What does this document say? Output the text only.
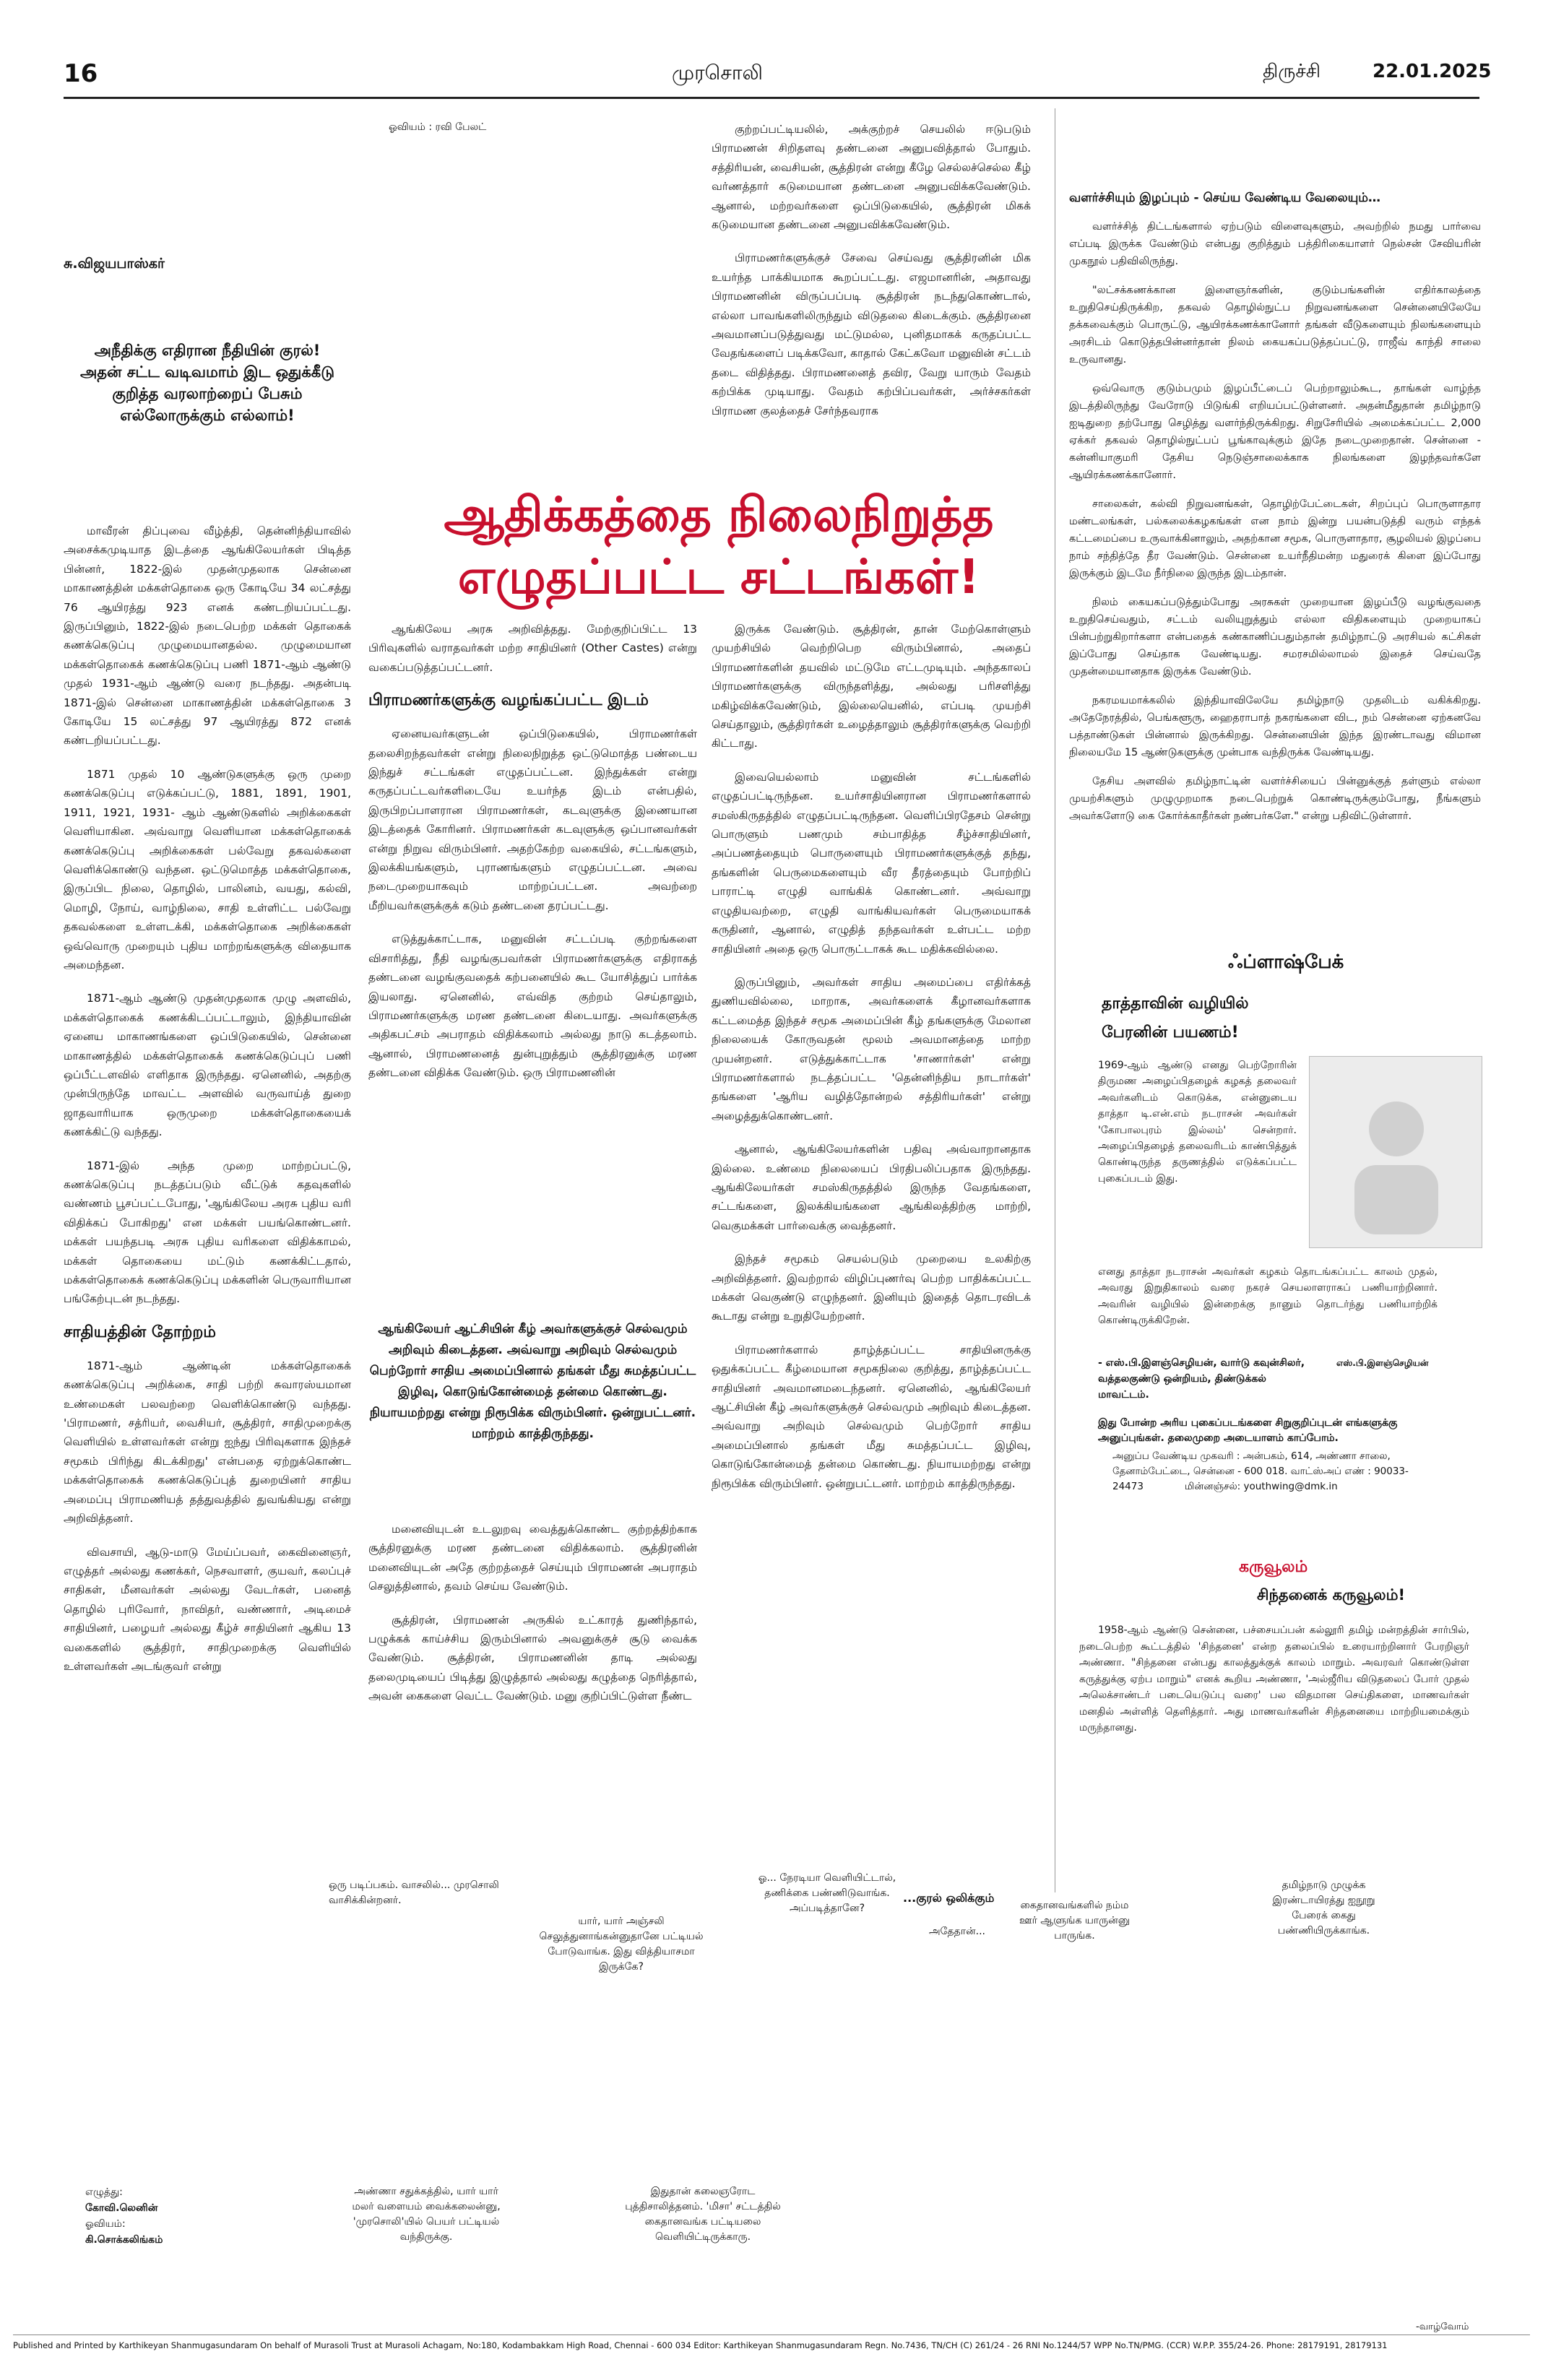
16	முரசொலி	திருச்சி	22.01.2025
ஓவியம் : ரவி பேலட்
சு.விஜயபாஸ்கர்
அநீதிக்கு எதிரான நீதியின் குரல்!
அதன் சட்ட வடிவமாம் இட ஒதுக்கீடு
குறித்த வரலாற்றைப் பேசும்
எல்லோருக்கும் எல்லாம்!
ஆதிக்கத்தை நிலைநிறுத்த
எழுதப்பட்ட சட்டங்கள்!

மாவீரன் திப்புவை வீழ்த்தி, தென்னிந்தியாவில் அசைக்கமுடியாத இடத்தை ஆங்கிலேயர்கள் பிடித்த பின்னர், 1822-இல் முதன்முதலாக சென்னை மாகாணத்தின் மக்கள்தொகை ஒரு கோடியே 34 லட்சத்து 76 ஆயிரத்து 923 எனக் கண்டறியப்பட்டது. இருப்பினும், 1822-இல் நடைபெற்ற மக்கள் தொகைக் கணக்கெடுப்பு முழுமையானதல்ல. முழுமையான மக்கள்தொகைக் கணக்கெடுப்பு பணி 1871-ஆம் ஆண்டு முதல் 1931-ஆம் ஆண்டு வரை நடந்தது. அதன்படி 1871-இல் சென்னை மாகாணத்தின் மக்கள்தொகை 3 கோடியே 15 லட்சத்து 97 ஆயிரத்து 872 எனக் கண்டறியப்பட்டது.

1871 முதல் 10 ஆண்டுகளுக்கு ஒரு முறை கணக்கெடுப்பு எடுக்கப்பட்டு, 1881, 1891, 1901, 1911, 1921, 1931- ஆம் ஆண்டுகளில் அறிக்கைகள் வெளியாகின. அவ்வாறு வெளியான மக்கள்தொகைக் கணக்கெடுப்பு அறிக்கைகள் பல்வேறு தகவல்களை வெளிக்கொண்டு வந்தன. ஒட்டுமொத்த மக்கள்தொகை, இருப்பிட நிலை, தொழில், பாலினம், வயது, கல்வி, மொழி, நோய், வாழ்நிலை, சாதி உள்ளிட்ட பல்வேறு தகவல்களை உள்ளடக்கி, மக்கள்தொகை அறிக்கைகள் ஒவ்வொரு முறையும் புதிய மாற்றங்களுக்கு விதையாக அமைந்தன.

1871-ஆம் ஆண்டு முதன்முதலாக முழு அளவில், மக்கள்தொகைக் கணக்கிடப்பட்டாலும், இந்தியாவின் ஏனைய மாகாணங்களை ஒப்பிடுகையில், சென்னை மாகாணத்தில் மக்கள்தொகைக் கணக்கெடுப்புப் பணி ஒப்பீட்டளவில் எளிதாக இருந்தது. ஏனெனில், அதற்கு முன்பிருந்தே மாவட்ட அளவில் வருவாய்த் துறை ஜாதவாரியாக ஒருமுறை மக்கள்தொகையைக் கணக்கிட்டு வந்தது.

1871-இல் அந்த முறை மாற்றப்பட்டு, கணக்கெடுப்பு நடத்தப்படும் வீட்டுக் கதவுகளில் வண்ணம் பூசப்பட்டபோது, 'ஆங்கிலேய அரசு புதிய வரி விதிக்கப் போகிறது' என மக்கள் பயங்கொண்டனர். மக்கள் பயந்தபடி அரசு புதிய வரிகளை விதிக்காமல், மக்கள் தொகையை மட்டும் கணக்கிட்டதால், மக்கள்தொகைக் கணக்கெடுப்பு மக்களின் பெருவாரியான பங்கேற்புடன் நடந்தது.

சாதியத்தின் தோற்றம்

1871-ஆம் ஆண்டின் மக்கள்தொகைக் கணக்கெடுப்பு அறிக்கை, சாதி பற்றி சுவாரஸ்யமான உண்மைகள் பலவற்றை வெளிக்கொண்டு வந்தது. 'பிராமணர், சத்ரியர், வைசியர், சூத்திரர், சாதிமுறைக்கு வெளியில் உள்ளவர்கள் என்று ஐந்து பிரிவுகளாக இந்தச் சமூகம் பிரிந்து கிடக்கிறது' என்பதை ஏற்றுக்கொண்ட மக்கள்தொகைக் கணக்கெடுப்புத் துறையினர் சாதிய அமைப்பு பிராமணியத் தத்துவத்தில் துவங்கியது என்று அறிவித்தனர்.

விவசாயி, ஆடு-மாடு மேய்ப்பவர், கைவினைஞர், எழுத்தர் அல்லது கணக்கர், நெசவாளர், குயவர், கலப்புச் சாதிகள், மீனவர்கள் அல்லது வேடர்கள், பனைத் தொழில் புரிவோர், நாவிதர், வண்ணார், அடிமைச் சாதியினர், பழையர் அல்லது கீழ்ச் சாதியினர் ஆகிய 13 வகைகளில் சூத்திரர், சாதிமுறைக்கு வெளியில் உள்ளவர்கள் அடங்குவர் என்று

ஆங்கிலேய அரசு அறிவித்தது. மேற்குறிப்பிட்ட 13 பிரிவுகளில் வராதவர்கள் மற்ற சாதியினர் (Other Castes) என்று வகைப்படுத்தப்பட்டனர்.

பிராமணர்களுக்கு வழங்கப்பட்ட இடம்

ஏனையவர்களுடன் ஒப்பிடுகையில், பிராமணர்கள் தலைசிறந்தவர்கள் என்று நிலைநிறுத்த ஒட்டுமொத்த பண்டைய இந்துச் சட்டங்கள் எழுதப்பட்டன. இந்துக்கள் என்று கருதப்பட்டவர்களிடையே உயர்ந்த இடம் என்பதில், இருபிறப்பாளரான பிராமணர்கள், கடவுளுக்கு இணையான இடத்தைக் கோரினர். பிராமணர்கள் கடவுளுக்கு ஒப்பானவர்கள் என்று நிறுவ விரும்பினர். அதற்கேற்ற வகையில், சட்டங்களும், இலக்கியங்களும், புராணங்களும் எழுதப்பட்டன. அவை நடைமுறையாகவும் மாற்றப்பட்டன. அவற்றை மீறியவர்களுக்குக் கடும் தண்டனை தரப்பட்டது.

எடுத்துக்காட்டாக, மனுவின் சட்டப்படி குற்றங்களை விசாரித்து, நீதி வழங்குபவர்கள் பிராமணர்களுக்கு எதிராகத் தண்டனை வழங்குவதைக் கற்பனையில் கூட யோசித்துப் பார்க்க இயலாது. ஏனெனில், எவ்வித குற்றம் செய்தாலும், பிராமணர்களுக்கு மரண தண்டனை கிடையாது. அவர்களுக்கு அதிகபட்சம் அபராதம் விதிக்கலாம் அல்லது நாடு கடத்தலாம். ஆனால், பிராமணனைத் துன்புறுத்தும் சூத்திரனுக்கு மரண தண்டனை விதிக்க வேண்டும். ஒரு பிராமணனின்

ஆங்கிலேயர் ஆட்சியின் கீழ் அவர்களுக்குச் செல்வமும் அறிவும் கிடைத்தன. அவ்வாறு அறிவும் செல்வமும் பெற்றோர் சாதிய அமைப்பினால் தங்கள் மீது சுமத்தப்பட்ட இழிவு, கொடுங்கோன்மைத் தன்மை கொண்டது. நியாயமற்றது என்று நிரூபிக்க விரும்பினர். ஒன்றுபட்டனர். மாற்றம் காத்திருந்தது.

மனைவியுடன் உடலுறவு வைத்துக்கொண்ட குற்றத்திற்காக சூத்திரனுக்கு மரண தண்டனை விதிக்கலாம். சூத்திரனின் மனைவியுடன் அதே குற்றத்தைச் செய்யும் பிராமணன் அபராதம் செலுத்தினால், தவம் செய்ய வேண்டும்.

சூத்திரன், பிராமணன் அருகில் உட்காரத் துணிந்தால், பழுக்கக் காய்ச்சிய இரும்பினால் அவனுக்குச் சூடு வைக்க வேண்டும். சூத்திரன், பிராமணனின் தாடி அல்லது தலைமுடியைப் பிடித்து இழுத்தால் அல்லது கழுத்தை நெரித்தால், அவன் கைகளை வெட்ட வேண்டும். மனு குறிப்பிட்டுள்ள நீண்ட

குற்றப்பட்டியலில், அக்குற்றச் செயலில் ஈடுபடும் பிராமணன் சிறிதளவு தண்டனை அனுபவித்தால் போதும். சத்திரியன், வைசியன், சூத்திரன் என்று கீழே செல்லச்செல்ல கீழ் வர்ணத்தார் கடுமையான தண்டனை அனுபவிக்கவேண்டும். ஆனால், மற்றவர்களை ஒப்பிடுகையில், சூத்திரன் மிகக் கடுமையான தண்டனை அனுபவிக்கவேண்டும்.

பிராமணர்களுக்குச் சேவை செய்வது சூத்திரனின் மிக உயர்ந்த பாக்கியமாக கூறப்பட்டது. எஜமானரின், அதாவது பிராமணனின் விருப்பப்படி சூத்திரன் நடந்துகொண்டால், எல்லா பாவங்களிலிருந்தும் விடுதலை கிடைக்கும். சூத்திரனை அவமானப்படுத்துவது மட்டுமல்ல, புனிதமாகக் கருதப்பட்ட வேதங்களைப் படிக்கவோ, காதால் கேட்கவோ மனுவின் சட்டம் தடை விதித்தது. பிராமணனைத் தவிர, வேறு யாரும் வேதம் கற்பிக்க முடியாது. வேதம் கற்பிப்பவர்கள், அர்ச்சகர்கள் பிராமண குலத்தைச் சேர்ந்தவராக

இருக்க வேண்டும். சூத்திரன், தான் மேற்கொள்ளும் முயற்சியில் வெற்றிபெற விரும்பினால், அதைப் பிராமணர்களின் தயவில் மட்டுமே எட்டமுடியும். அந்தகாலப் பிராமணர்களுக்கு விருந்தளித்து, அல்லது பரிசளித்து மகிழ்விக்கவேண்டும், இல்லையெனில், எப்படி முயற்சி செய்தாலும், சூத்திரர்கள் உழைத்தாலும் சூத்திரர்களுக்கு வெற்றி கிட்டாது.

இவையெல்லாம் மனுவின் சட்டங்களில் எழுதப்பட்டிருந்தன. உயர்சாதியினரான பிராமணர்களால் சமஸ்கிருதத்தில் எழுதப்பட்டிருந்தன. வெளிப்பிரதேசம் சென்று பொருளும் பணமும் சம்பாதித்த சீழ்ச்சாதியினர், அப்பணத்தையும் பொருளையும் பிராமணர்களுக்குத் தந்து, தங்களின் பெருமைகளையும் வீர தீரத்தையும் போற்றிப் பாராட்டி எழுதி வாங்கிக் கொண்டனர். அவ்வாறு எழுதியவற்றை, எழுதி வாங்கியவர்கள் பெருமையாகக் கருதினர், ஆனால், எழுதித் தந்தவர்கள் உள்பட்ட மற்ற சாதியினர் அதை ஒரு பொருட்டாகக் கூட மதிக்கவில்லை.

இருப்பினும், அவர்கள் சாதிய அமைப்பை எதிர்க்கத் துணியவில்லை, மாறாக, அவர்களைக் கீழானவர்களாக கட்டமைத்த இந்தச் சமூக அமைப்பின் கீழ் தங்களுக்கு மேலான நிலையைக் கோருவதன் மூலம் அவமானத்தை மாற்ற முயன்றனர். எடுத்துக்காட்டாக 'சாணார்கள்' என்று பிராமணர்களால் நடத்தப்பட்ட 'தென்னிந்திய நாடார்கள்' தங்களை 'ஆரிய வழித்தோன்றல் சத்திரியர்கள்' என்று அழைத்துக்கொண்டனர்.

ஆனால், ஆங்கிலேயர்களின் பதிவு அவ்வாறானதாக இல்லை. உண்மை நிலையைப் பிரதிபலிப்பதாக இருந்தது. ஆங்கிலேயர்கள் சமஸ்கிருதத்தில் இருந்த வேதங்களை, சட்டங்களை, இலக்கியங்களை ஆங்கிலத்திற்கு மாற்றி, வெகுமக்கள் பார்வைக்கு வைத்தனர்.

இந்தச் சமூகம் செயல்படும் முறையை உலகிற்கு அறிவித்தனர். இவற்றால் விழிப்புணர்வு பெற்ற பாதிக்கப்பட்ட மக்கள் வெகுண்டு எழுந்தனர். இனியும் இதைத் தொடரவிடக் கூடாது என்று உறுதியேற்றனர்.

பிராமணர்களால் தாழ்த்தப்பட்ட சாதியினருக்கு ஒதுக்கப்பட்ட கீழ்மையான சமூகநிலை குறித்து, தாழ்த்தப்பட்ட சாதியினர் அவமானமடைந்தனர். ஏனெனில், ஆங்கிலேயர் ஆட்சியின் கீழ் அவர்களுக்குச் செல்வமும் அறிவும் கிடைத்தன. அவ்வாறு அறிவும் செல்வமும் பெற்றோர் சாதிய அமைப்பினால் தங்கள் மீது சுமத்தப்பட்ட இழிவு, கொடுங்கோன்மைத் தன்மை கொண்டது. நியாயமற்றது என்று நிரூபிக்க விரும்பினர். ஒன்றுபட்டனர். மாற்றம் காத்திருந்தது.

...குரல் ஒலிக்கும்
வளர்ச்சியும் இழப்பும் - செய்ய வேண்டிய வேலையும்…

வளர்ச்சித் திட்டங்களால் ஏற்படும் விளைவுகளும், அவற்றில் நமது பார்வை எப்படி இருக்க வேண்டும் என்பது குறித்தும் பத்திரிகையாளர் நெல்சன் சேவியரின் முகநூல் பதிவிலிருந்து.

"லட்சக்கணக்கான இளைஞர்களின், குடும்பங்களின் எதிர்காலத்தை உறுதிசெய்திருக்கிற, தகவல் தொழில்நுட்ப நிறுவனங்களை சென்னையிலேயே தக்கவைக்கும் பொருட்டு, ஆயிரக்கணக்கானோர் தங்கள் வீடுகளையும் நிலங்களையும் அரசிடம் கொடுத்தபின்னர்தான் நிலம் கையகப்படுத்தப்பட்டு, ராஜீவ் காந்தி சாலை உருவானது.

ஒவ்வொரு குடும்பமும் இழப்பீட்டைப் பெற்றாலும்கூட, தாங்கள் வாழ்ந்த இடத்திலிருந்து வேரோடு பிடுங்கி எறியப்பட்டுள்ளனர். அதன்மீதுதான் தமிழ்நாடு ஐடிதுறை தற்போது செழித்து வளர்ந்திருக்கிறது. சிறுசேரியில் அமைக்கப்பட்ட 2,000 ஏக்கர் தகவல் தொழில்நுட்பப் பூங்காவுக்கும் இதே நடைமுறைதான். சென்னை - கன்னியாகுமரி தேசிய நெடுஞ்சாலைக்காக நிலங்களை இழந்தவர்களே ஆயிரக்கணக்கானோர்.

சாலைகள், கல்வி நிறுவனங்கள், தொழிற்பேட்டைகள், சிறப்புப் பொருளாதார மண்டலங்கள், பல்கலைக்கழகங்கள் என நாம் இன்று பயன்படுத்தி வரும் எந்தக் கட்டமைப்பை உருவாக்கினாலும், அதற்கான சமூக, பொருளாதார, சூழலியல் இழப்பை நாம் சந்தித்தே தீர வேண்டும். சென்னை உயர்நீதிமன்ற மதுரைக் கிளை இப்போது இருக்கும் இடமே நீர்நிலை இருந்த இடம்தான்.

நிலம் கையகப்படுத்தும்போது அரசுகள் முறையான இழப்பீடு வழங்குவதை உறுதிசெய்வதும், சட்டம் வலியுறுத்தும் எல்லா விதிகளையும் முறையாகப் பின்பற்றுகிறார்களா என்பதைக் கண்காணிப்பதும்தான் தமிழ்நாட்டு அரசியல் கட்சிகள் இப்போது செய்தாக வேண்டியது. சமரசமில்லாமல் இதைச் செய்வதே முதன்மையானதாக இருக்க வேண்டும்.

நகரமயமாக்கலில் இந்தியாவிலேயே தமிழ்நாடு முதலிடம் வகிக்கிறது. அதேநேரத்தில், பெங்களூரு, ஹைதராபாத் நகரங்களை விட, நம் சென்னை ஏற்கனவே பத்தாண்டுகள் பின்னால் இருக்கிறது. சென்னையின் இந்த இரண்டாவது விமான நிலையமே 15 ஆண்டுகளுக்கு முன்பாக வந்திருக்க வேண்டியது.

தேசிய அளவில் தமிழ்நாட்டின் வளர்ச்சியைப் பின்னுக்குத் தள்ளும் எல்லா முயற்சிகளும் முழுமுறமாக நடைபெற்றுக் கொண்டிருக்கும்போது, நீங்களும் அவர்களோடு கை கோர்க்காதீர்கள் நண்பர்களே." என்று பதிவிட்டுள்ளார்.

ஃப்ளாஷ்பேக்
தாத்தாவின் வழியில்
பேரனின் பயணம்!
1969-ஆம் ஆண்டு எனது பெற்றோரின் திருமண அழைப்பிதழைக் கழகத் தலைவர் அவர்களிடம் கொடுக்க, என்னுடைய தாத்தா டி.என்.எம் நடராசன் அவர்கள் 'கோபாலபுரம் இல்லம்' சென்றார். அழைப்பிதழைத் தலைவரிடம் காண்பித்துக் கொண்டிருந்த தருணத்தில் எடுக்கப்பட்ட புகைப்படம் இது.
எனது தாத்தா நடராசன் அவர்கள் கழகம் தொடங்கப்பட்ட காலம் முதல், அவரது இறுதிகாலம் வரை நகரச் செயலாளராகப் பணியாற்றினார். அவரின் வழியில் இன்றைக்கு நானும் தொடர்ந்து பணியாற்றிக் கொண்டிருக்கிறேன்.
- எஸ்.பி.இளஞ்செழியன், வார்டு கவுன்சிலர், வத்தலகுண்டு ஒன்றியம், திண்டுக்கல் மாவட்டம்.
எஸ்.பி.இளஞ்செழியன்
இது போன்ற அரிய புகைப்படங்களை சிறுகுறிப்புடன் எங்களுக்கு அனுப்புங்கள். தலைமுறை அடையாளம் காப்போம்.
அனுப்ப வேண்டிய முகவரி : அன்பகம், 614, அண்ணா சாலை, தேனாம்பேட்டை, சென்னை - 600 018. வாட்ஸ்அப் எண் : 90033-24473	மின்னஞ்சல்: youthwing@dmk.in
கருவூலம்
சிந்தனைக் கருவூலம்!
1958-ஆம் ஆண்டு சென்னை, பச்சையப்பன் கல்லூரி தமிழ் மன்றத்தின் சார்பில், நடைபெற்ற கூட்டத்தில் 'சிந்தனை' என்ற தலைப்பில் உரையாற்றினார் பேரறிஞர் அண்ணா. "சிந்தனை என்பது காலத்துக்குக் காலம் மாறும். அவரவர் கொண்டுள்ள கருத்துக்கு ஏற்ப மாறும்" எனக் கூறிய அண்ணா, 'அல்ஜீரிய விடுதலைப் போர் முதல் அலெக்சாண்டர் படையெடுப்பு வரை' பல விதமான செய்திகளை, மாணவர்கள் மனதில் அள்ளித் தெளித்தார். அது மாணவர்களின் சிந்தனையை மாற்றியமைக்கும் மருந்தானது.
ஒரு படிப்பகம். வாசலில்... முரசொலி வாசிக்கின்றனர்.
யார், யார் அஞ்சலி செலுத்துனாங்கன்னுதானே பட்டியல் போடுவாங்க. இது வித்தியாசமா இருக்கே?
ஓ... நேரடியா வெளியிட்டால், தணிக்கை பண்ணிடுவாங்க. அப்படித்தானே?
அதேதான்...
கைதானவங்களில் நம்ம ஊர் ஆளுங்க யாருன்னு பாருங்க.
தமிழ்நாடு முழுக்க இரண்டாயிரத்து ஐநூறு பேரைக் கைது பண்ணியிருக்காங்க.
அண்ணா சதுக்கத்தில், யார் யார் மலர் வளையம் வைக்கலைன்னு, 'முரசொலி'யில் பெயர் பட்டியல் வந்திருக்கு.
இதுதான் கலைஞரோட புத்திசாலித்தனம். 'மிசா' சட்டத்தில் கைதானவங்க பட்டியலை வெளியிட்டிருக்காரு.
எழுத்து:
கோவி.லெனின்
ஓவியம்:
கி.சொக்கலிங்கம்
-வாழ்வோம்
Published and Printed by Karthikeyan Shanmugasundaram On behalf of Murasoli Trust at Murasoli Achagam, No:180, Kodambakkam High Road, Chennai - 600 034 Editor: Karthikeyan Shanmugasundaram Regn. No.7436, TN/CH (C) 261/24 - 26 RNI No.1244/57 WPP No.TN/PMG. (CCR) W.P.P. 355/24-26. Phone: 28179191, 28179131
